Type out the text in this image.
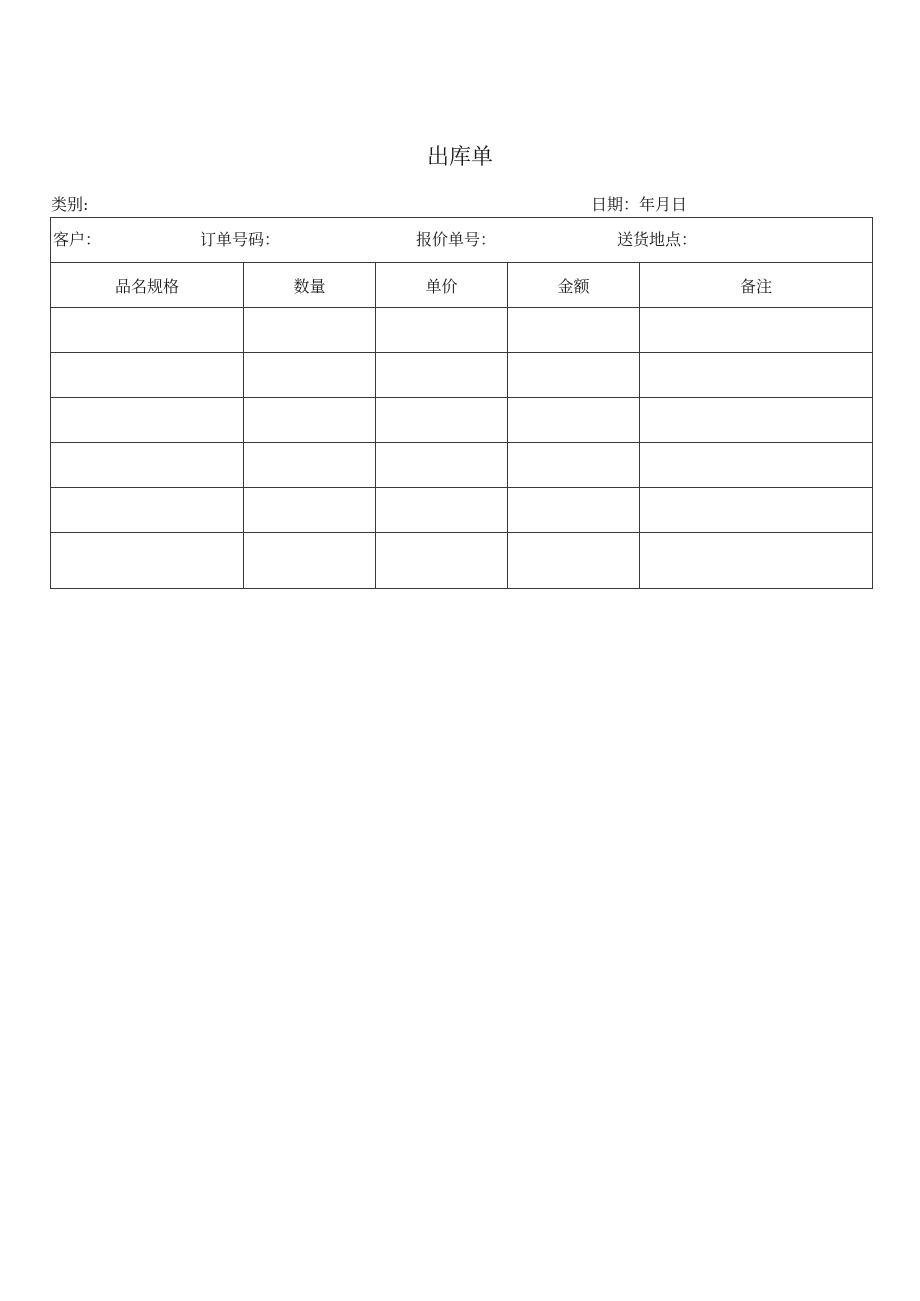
出库单
类别:	日期：年月日
客户： 订单号码： 报价单号： 送货地点：				

品名规格	数量	单价	金额	备注
